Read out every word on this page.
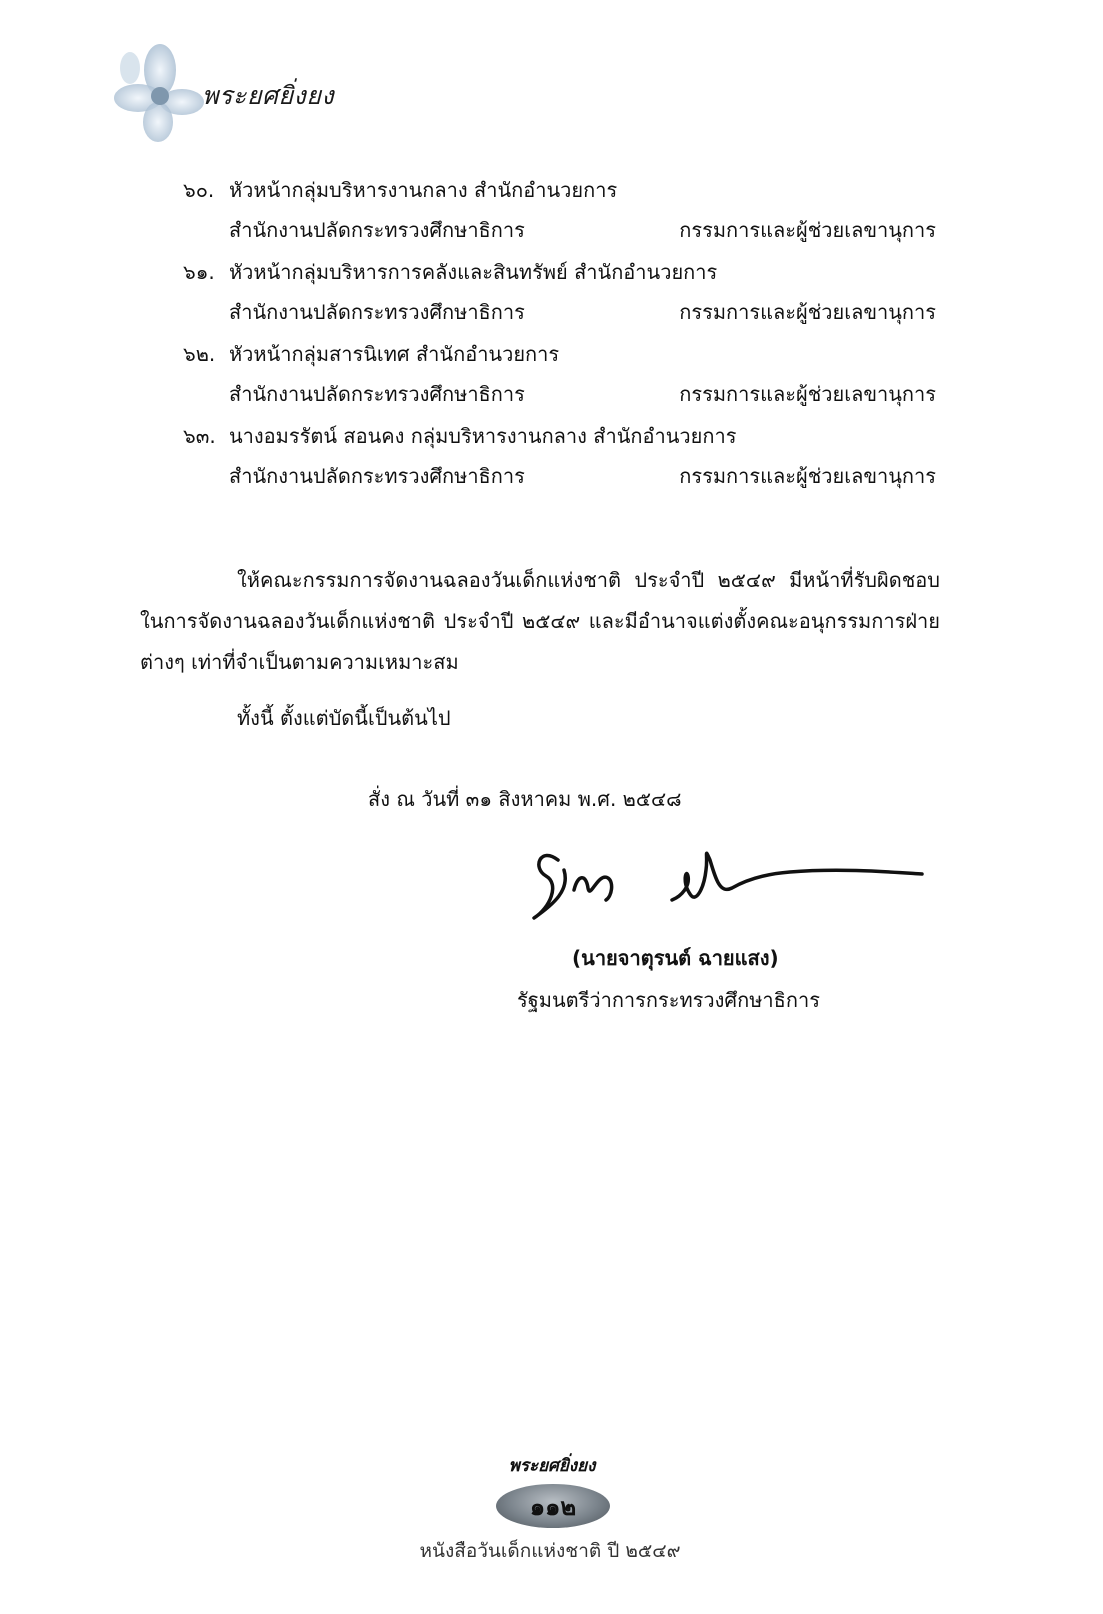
พระยศยิ่งยง
๖๐. หัวหน้ากลุ่มบริหารงานกลาง สำนักอำนวยการ
สำนักงานปลัดกระทรวงศึกษาธิการ	กรรมการและผู้ช่วยเลขานุการ
๖๑. หัวหน้ากลุ่มบริหารการคลังและสินทรัพย์ สำนักอำนวยการ
สำนักงานปลัดกระทรวงศึกษาธิการ	กรรมการและผู้ช่วยเลขานุการ
๖๒. หัวหน้ากลุ่มสารนิเทศ สำนักอำนวยการ
สำนักงานปลัดกระทรวงศึกษาธิการ	กรรมการและผู้ช่วยเลขานุการ
๖๓. นางอมรรัตน์ สอนคง กลุ่มบริหารงานกลาง สำนักอำนวยการ
สำนักงานปลัดกระทรวงศึกษาธิการ	กรรมการและผู้ช่วยเลขานุการ

ให้คณะกรรมการจัดงานฉลองวันเด็กแห่งชาติ ประจำปี ๒๕๔๙ มีหน้าที่รับผิดชอบในการจัดงานฉลองวันเด็กแห่งชาติ ประจำปี ๒๕๔๙ และมีอำนาจแต่งตั้งคณะอนุกรรมการฝ่ายต่างๆ เท่าที่จำเป็นตามความเหมาะสม

ทั้งนี้ ตั้งแต่บัดนี้เป็นต้นไป
สั่ง ณ วันที่ ๓๑ สิงหาคม พ.ศ. ๒๕๔๘
(นายจาตุรนต์ ฉายแสง)
รัฐมนตรีว่าการกระทรวงศึกษาธิการ
พระยศยิ่งยง
๑๑๒
หนังสือวันเด็กแห่งชาติ ปี ๒๕๔๙
